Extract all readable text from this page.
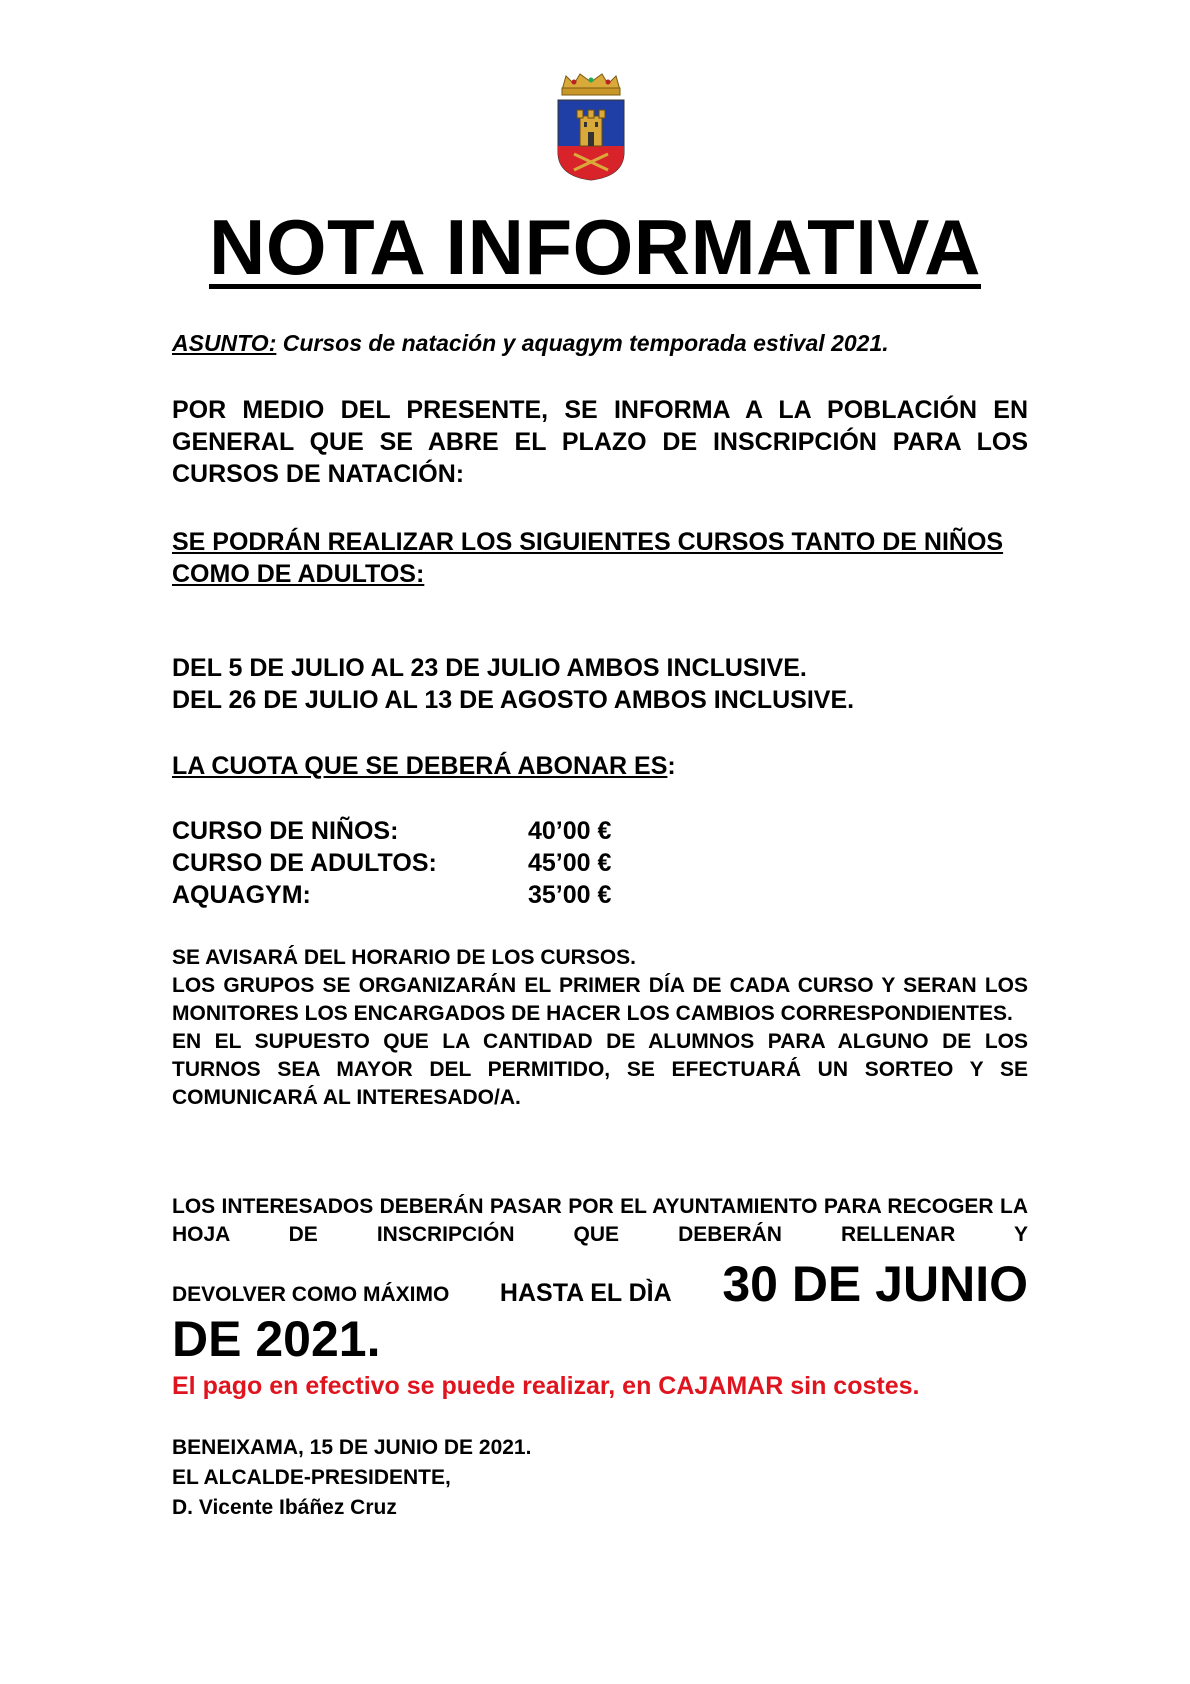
NOTA INFORMATIVA
ASUNTO: Cursos de natación y aquagym temporada estival 2021.

POR MEDIO DEL PRESENTE, SE INFORMA A LA POBLACIÓN EN GENERAL QUE SE ABRE EL PLAZO DE INSCRIPCIÓN PARA LOS CURSOS DE NATACIÓN:

SE PODRÁN REALIZAR LOS SIGUIENTES CURSOS TANTO DE NIÑOS COMO DE ADULTOS:
DEL 5 DE JULIO AL 23 DE JULIO AMBOS INCLUSIVE.
DEL 26 DE JULIO AL 13 DE AGOSTO AMBOS INCLUSIVE.
LA CUOTA QUE SE DEBERÁ ABONAR ES:
CURSO DE NIÑOS:	40’00 €
CURSO DE ADULTOS:	45’00 €
AQUAGYM:	35’00 €

SE AVISARÁ DEL HORARIO DE LOS CURSOS.

LOS GRUPOS SE ORGANIZARÁN EL PRIMER DÍA DE CADA CURSO Y SERAN LOS MONITORES LOS ENCARGADOS DE HACER LOS CAMBIOS CORRESPONDIENTES.

EN EL SUPUESTO QUE LA CANTIDAD DE ALUMNOS PARA ALGUNO DE LOS TURNOS SEA MAYOR DEL PERMITIDO, SE EFECTUARÁ UN SORTEO Y SE COMUNICARÁ AL INTERESADO/A.

LOS INTERESADOS DEBERÁN PASAR POR EL AYUNTAMIENTO PARA RECOGER LA HOJA DE INSCRIPCIÓN QUE DEBERÁN RELLENAR Y

DEVOLVER COMO MÁXIMO HASTA EL DÌA 30 DE JUNIO
DE 2021.
El pago en efectivo se puede realizar, en CAJAMAR sin costes.
BENEIXAMA, 15 DE JUNIO DE 2021.
EL ALCALDE-PRESIDENTE,
D. Vicente Ibáñez Cruz
